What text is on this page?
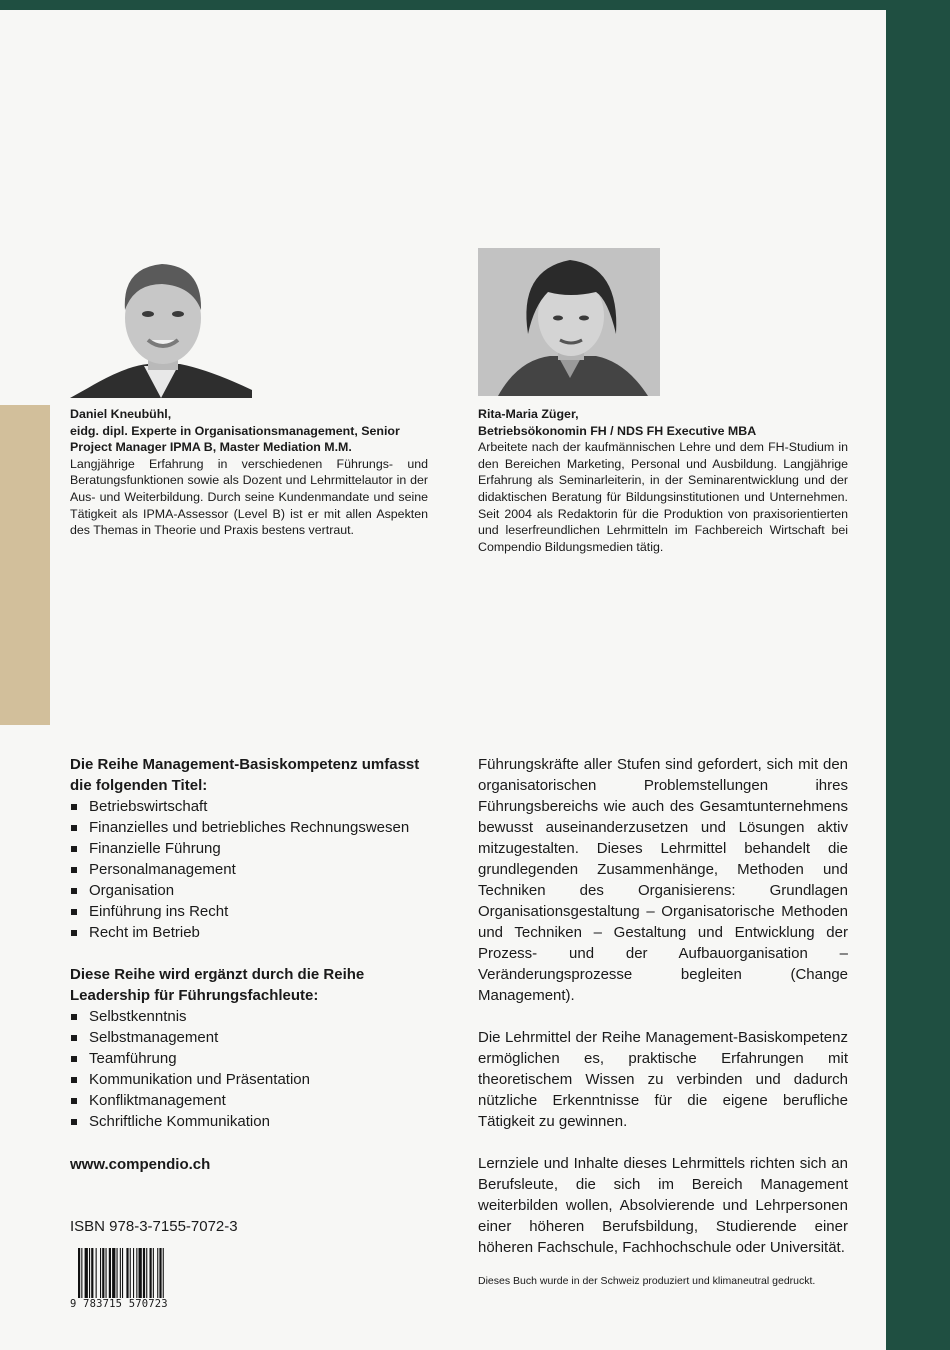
Daniel Kneubühl,
eidg. dipl. Experte in Organisationsmanagement, Senior Project Manager IPMA B, Master Mediation M.M.
Langjährige Erfahrung in verschiedenen Führungs- und Beratungsfunktionen sowie als Dozent und Lehrmittelautor in der Aus- und Weiterbildung. Durch seine Kundenmandate und seine Tätigkeit als IPMA-Assessor (Level B) ist er mit allen Aspekten des Themas in Theorie und Praxis bestens vertraut.
Rita-Maria Züger,
Betriebsökonomin FH / NDS FH Executive MBA
Arbeitete nach der kaufmännischen Lehre und dem FH-Studium in den Bereichen Marketing, Personal und Ausbildung. Langjährige Erfahrung als Seminarleiterin, in der Seminarentwicklung und der didaktischen Beratung für Bildungsinstitutionen und Unternehmen. Seit 2004 als Redaktorin für die Produktion von praxisorientierten und leserfreundlichen Lehrmitteln im Fachbereich Wirtschaft bei Compendio Bildungsmedien tätig.
Die Reihe Management-Basiskompetenz umfasst die folgenden Titel:
Betriebswirtschaft
Finanzielles und betriebliches Rechnungswesen
Finanzielle Führung
Personalmanagement
Organisation
Einführung ins Recht
Recht im Betrieb
Diese Reihe wird ergänzt durch die Reihe Leadership für Führungsfachleute:
Selbstkenntnis
Selbstmanagement
Teamführung
Kommunikation und Präsentation
Konfliktmanagement
Schriftliche Kommunikation
www.compendio.ch
ISBN 978-3-7155-7072-3
9 783715 570723

Führungskräfte aller Stufen sind gefordert, sich mit den organisatorischen Problemstellungen ihres Führungsbereichs wie auch des Gesamtunternehmens bewusst auseinanderzusetzen und Lösungen aktiv mitzugestalten. Dieses Lehrmittel behandelt die grundlegenden Zusammenhänge, Methoden und Techniken des Organisierens: Grundlagen Organisationsgestaltung – Organisatorische Methoden und Techniken – Gestaltung und Entwicklung der Prozess- und der Aufbauorganisation – Veränderungsprozesse begleiten (Change Management).

Die Lehrmittel der Reihe Management-Basiskompetenz ermöglichen es, praktische Erfahrungen mit theoretischem Wissen zu verbinden und dadurch nützliche Erkenntnisse für die eigene berufliche Tätigkeit zu gewinnen.

Lernziele und Inhalte dieses Lehrmittels richten sich an Berufsleute, die sich im Bereich Management weiterbilden wollen, Absolvierende und Lehrpersonen einer höheren Berufsbildung, Studierende einer höheren Fachschule, Fachhochschule oder Universität.

Dieses Buch wurde in der Schweiz produziert und klimaneutral gedruckt.
